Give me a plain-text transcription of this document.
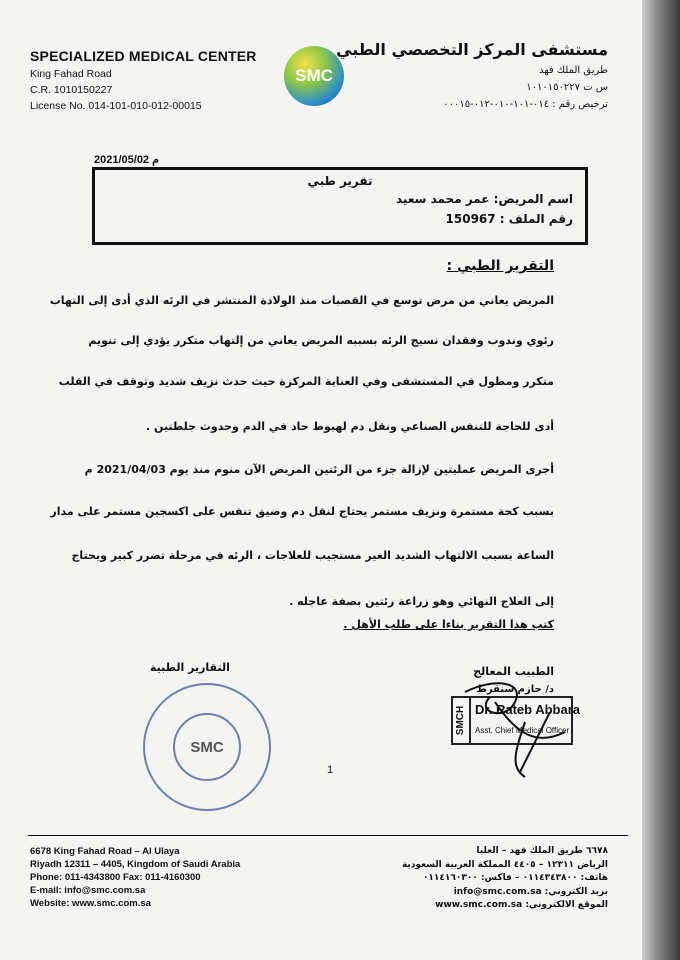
SPECIALIZED MEDICAL CENTER
King Fahad Road
C.R. 1010150227
License No. 014-101-010-012-00015
SMC
مستشفى المركز التخصصي الطبي
طريق الملك فهد
س ت ١٠١٠١٥٠٢٢٧
ترخيص رقم : ٠١٤-١٠١-٠١٠-٠١٢-٠٠٠١٥
2021/05/02 م
تقرير طبي
اسم المريض: عمر محمد سعيد
رقم الملف : 150967
التقرير الطبي :
المريض يعاني من مرض توسع في القصبات منذ الولادة المنتشر في الرئه الذي أدى إلى التهاب
رئوي وندوب وفقدان نسيج الرئه بسببه المريض يعاني من إلتهاب متكرر يؤدي إلى تنويم
متكرر ومطول في المستشفى وفي العناية المركزة حيث حدث نزيف شديد وتوقف في القلب
أدى للحاجة للتنفس الصناعي ونقل دم لهبوط حاد في الدم وحدوث جلطتين .
أجرى المريض عمليتين لإزالة جزء من الرئتين المريض الآن منوم منذ يوم 2021/04/03 م
بسبب كحة مستمرة ونزيف مستمر يحتاج لنقل دم وضيق تنفس على اكسجين مستمر على مدار
الساعة بسبب الالتهاب الشديد الغير مستجيب للعلاجات ، الرئه في مرحلة تضرر كبير ويحتاج
إلى العلاج النهائي وهو زراعة رئتين بصفة عاجله .
كتب هذا التقرير بناءا على طلب الأهل .
التقارير الطبية	الطبيب المعالج
د/ حازم سنقرط
SMC
SMCH Dr. Rateb Abbara
Asst. Chief Medical Officer
1
6678 King Fahad Road – Al Ulaya
Riyadh 12311 – 4405, Kingdom of Saudi Arabia
Phone: 011-4343800 Fax: 011-4160300
E-mail: info@smc.com.sa
Website: www.smc.com.sa
٦٦٧٨ طريق الملك فهد – العليا
الرياض ١٢٣١١ – ٤٤٠٥ المملكة العربية السعودية
هاتف: ٠١١٤٣٤٣٨٠٠ – فاكس: ٠١١٤١٦٠٣٠٠
بريد الكتروني: info@smc.com.sa
الموقع الالكتروني: www.smc.com.sa
